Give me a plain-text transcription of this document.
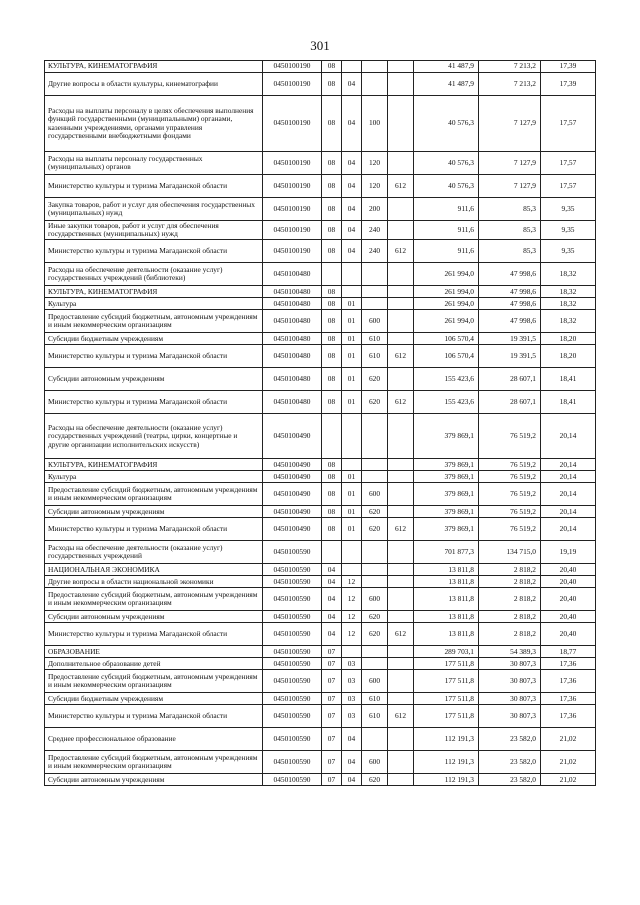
301
КУЛЬТУРА, КИНЕМАТОГРАФИЯ	0450100190	08				41 487,9	7 213,2	17,39
Другие вопросы в области культуры, кинематографии	0450100190	08	04			41 487,9	7 213,2	17,39
Расходы на выплаты персоналу в целях обеспечения выполнения функций государственными (муниципальными) органами, казенными учреждениями, органами управления государственными внебюджетными фондами	0450100190	08	04	100		40 576,3	7 127,9	17,57
Расходы на выплаты персоналу государственных (муниципальных) органов	0450100190	08	04	120		40 576,3	7 127,9	17,57
Министерство культуры и туризма Магаданской области	0450100190	08	04	120	612	40 576,3	7 127,9	17,57
Закупка товаров, работ и услуг для обеспечения государственных (муниципальных) нужд	0450100190	08	04	200		911,6	85,3	9,35
Иные закупки товаров, работ и услуг для обеспечения государственных (муниципальных) нужд	0450100190	08	04	240		911,6	85,3	9,35
Министерство культуры и туризма Магаданской области	0450100190	08	04	240	612	911,6	85,3	9,35
Расходы на обеспечение деятельности (оказание услуг) государственных учреждений (библиотеки)	0450100480					261 994,0	47 998,6	18,32
КУЛЬТУРА, КИНЕМАТОГРАФИЯ	0450100480	08				261 994,0	47 998,6	18,32
Культура	0450100480	08	01			261 994,0	47 998,6	18,32
Предоставление субсидий бюджетным, автономным учреждениям и иным некоммерческим организациям	0450100480	08	01	600		261 994,0	47 998,6	18,32
Субсидии бюджетным учреждениям	0450100480	08	01	610		106 570,4	19 391,5	18,20
Министерство культуры и туризма Магаданской области	0450100480	08	01	610	612	106 570,4	19 391,5	18,20
Субсидии автономным учреждениям	0450100480	08	01	620		155 423,6	28 607,1	18,41
Министерство культуры и туризма Магаданской области	0450100480	08	01	620	612	155 423,6	28 607,1	18,41
Расходы на обеспечение деятельности (оказание услуг) государственных учреждений (театры, цирки, концертные и другие организации исполнительских искусств)	0450100490					379 869,1	76 519,2	20,14
КУЛЬТУРА, КИНЕМАТОГРАФИЯ	0450100490	08				379 869,1	76 519,2	20,14
Культура	0450100490	08	01			379 869,1	76 519,2	20,14
Предоставление субсидий бюджетным, автономным учреждениям и иным некоммерческим организациям	0450100490	08	01	600		379 869,1	76 519,2	20,14
Субсидии автономным учреждениям	0450100490	08	01	620		379 869,1	76 519,2	20,14
Министерство культуры и туризма Магаданской области	0450100490	08	01	620	612	379 869,1	76 519,2	20,14
Расходы на обеспечение деятельности (оказание услуг) государственных учреждений	0450100590					701 877,3	134 715,0	19,19
НАЦИОНАЛЬНАЯ ЭКОНОМИКА	0450100590	04				13 811,8	2 818,2	20,40
Другие вопросы в области национальной экономики	0450100590	04	12			13 811,8	2 818,2	20,40
Предоставление субсидий бюджетным, автономным учреждениям и иным некоммерческим организациям	0450100590	04	12	600		13 811,8	2 818,2	20,40
Субсидии автономным учреждениям	0450100590	04	12	620		13 811,8	2 818,2	20,40
Министерство культуры и туризма Магаданской области	0450100590	04	12	620	612	13 811,8	2 818,2	20,40
ОБРАЗОВАНИЕ	0450100590	07				289 703,1	54 389,3	18,77
Дополнительное образование детей	0450100590	07	03			177 511,8	30 807,3	17,36
Предоставление субсидий бюджетным, автономным учреждениям и иным некоммерческим организациям	0450100590	07	03	600		177 511,8	30 807,3	17,36
Субсидии бюджетным учреждениям	0450100590	07	03	610		177 511,8	30 807,3	17,36
Министерство культуры и туризма Магаданской области	0450100590	07	03	610	612	177 511,8	30 807,3	17,36
Среднее профессиональное образование	0450100590	07	04			112 191,3	23 582,0	21,02
Предоставление субсидий бюджетным, автономным учреждениям и иным некоммерческим организациям	0450100590	07	04	600		112 191,3	23 582,0	21,02
Субсидии автономным учреждениям	0450100590	07	04	620		112 191,3	23 582,0	21,02
